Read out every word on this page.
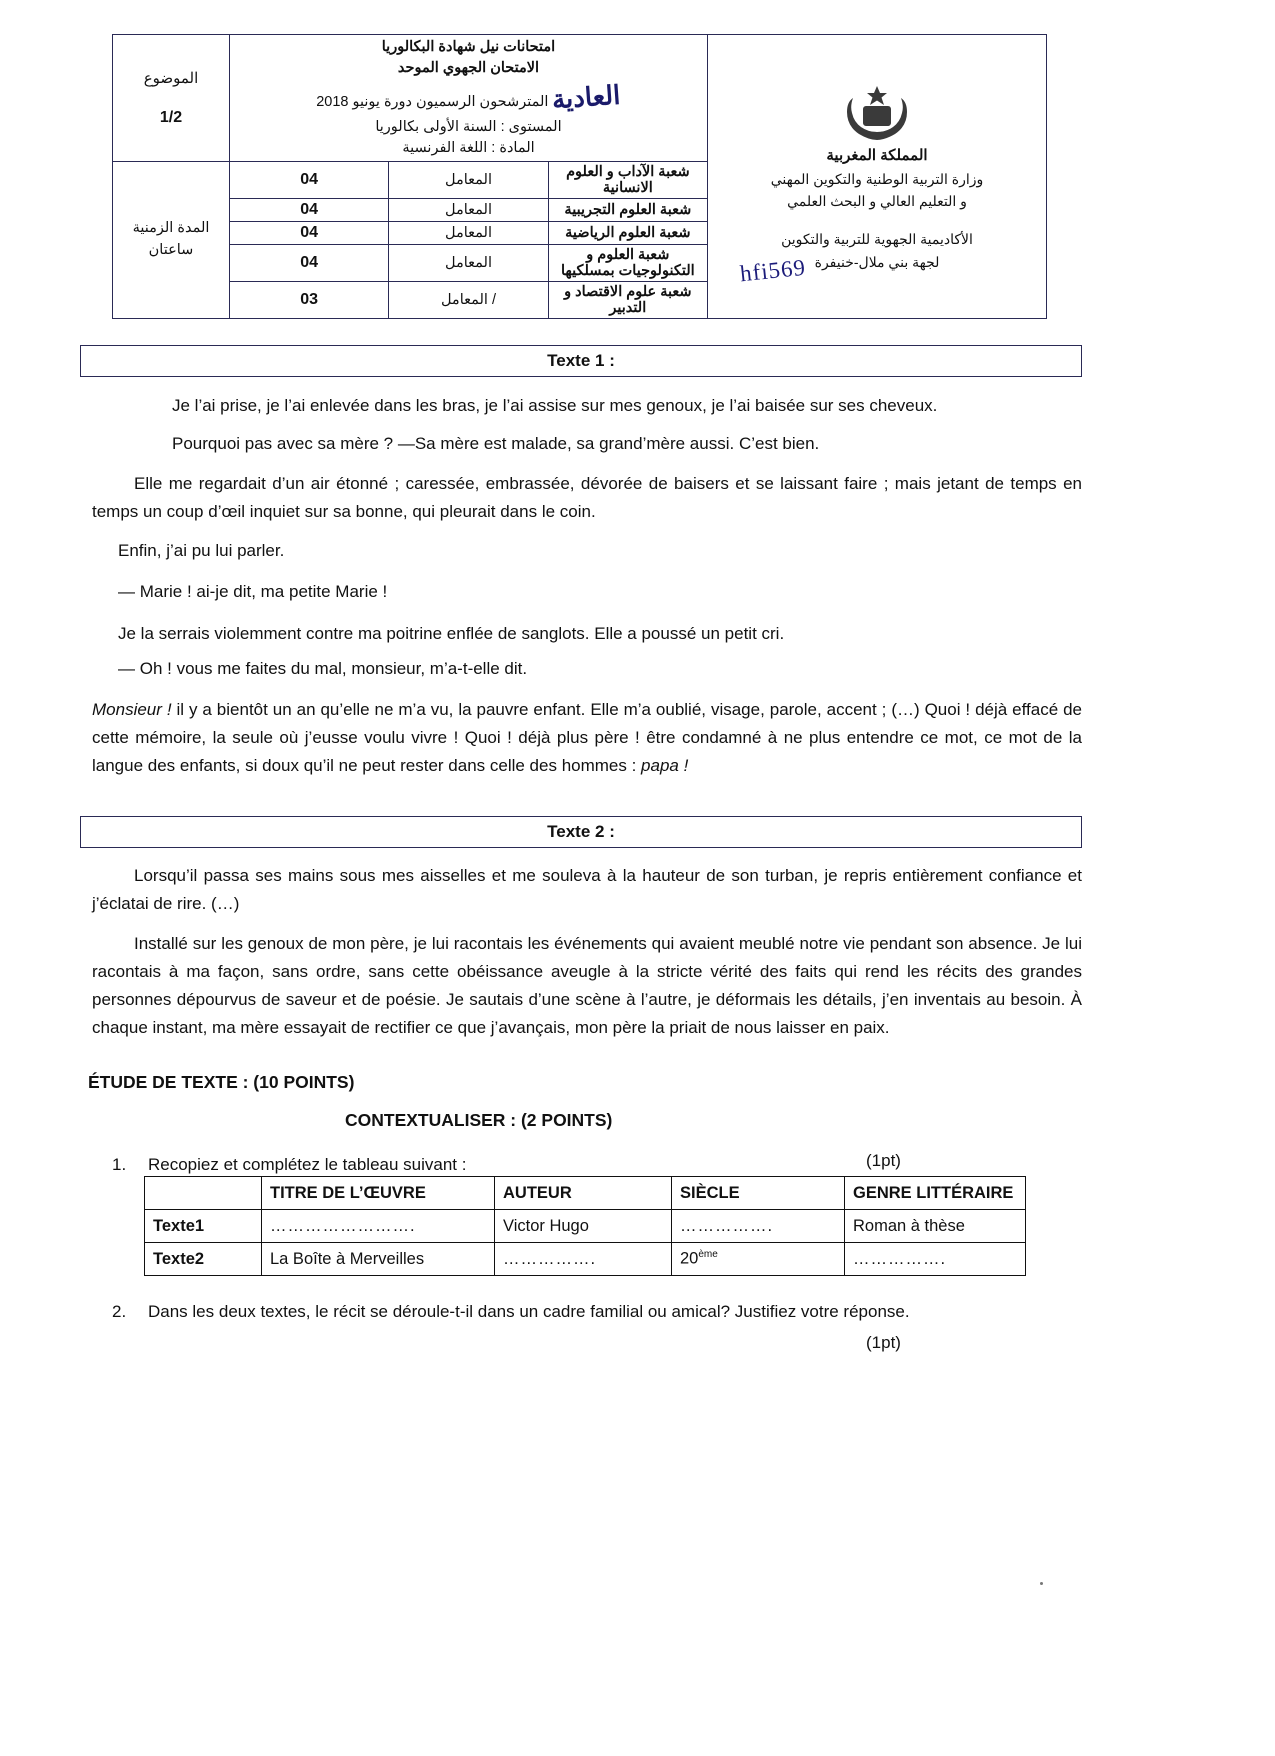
الموضوع
1/2

امتحانات نيل شهادة البكالوريا
الامتحان الجهوي الموحد
العادية المترشحون الرسميون دورة يونيو 2018
المستوى : السنة الأولى بكالوريا
المادة : اللغة الفرنسية	المملكة المغربية
وزارة التربية الوطنية والتكوين المهني
و التعليم العالي و البحث العلمي
الأكاديمية الجهوية للتربية والتكوين
لجهة بني ملال-خنيفرة

المدة الزمنية
ساعتان	04	المعامل	شعبة الآداب و العلوم الانسانية	
	04	المعامل	شعبة العلوم التجريبية	
	04	المعامل	شعبة العلوم الرياضية	
	04	المعامل	شعبة العلوم و التكنولوجيات بمسلكيها	
	03	/ المعامل	شعبة علوم الاقتصاد و التدبير	
hfi569
Texte 1 :
Je l’ai prise, je l’ai enlevée dans les bras, je l’ai assise sur mes genoux, je l’ai baisée sur ses cheveux.
Pourquoi pas avec sa mère ? —Sa mère est malade, sa grand’mère aussi. C’est bien.
Elle me regardait d’un air étonné ; caressée, embrassée, dévorée de baisers et se laissant faire ; mais jetant de temps en temps un coup d’œil inquiet sur sa bonne, qui pleurait dans le coin.
Enfin, j’ai pu lui parler.
— Marie ! ai-je dit, ma petite Marie !
Je la serrais violemment contre ma poitrine enflée de sanglots. Elle a poussé un petit cri.
— Oh ! vous me faites du mal, monsieur, m’a-t-elle dit.
Monsieur ! il y a bientôt un an qu’elle ne m’a vu, la pauvre enfant. Elle m’a oublié, visage, parole, accent ; (…) Quoi ! déjà effacé de cette mémoire, la seule où j’eusse voulu vivre ! Quoi ! déjà plus père ! être condamné à ne plus entendre ce mot, ce mot de la langue des enfants, si doux qu’il ne peut rester dans celle des hommes : papa !
Texte 2 :
Lorsqu’il passa ses mains sous mes aisselles et me souleva à la hauteur de son turban, je repris entièrement confiance et j’éclatai de rire. (…)
Installé sur les genoux de mon père, je lui racontais les événements qui avaient meublé notre vie pendant son absence. Je lui racontais à ma façon, sans ordre, sans cette obéissance aveugle à la stricte vérité des faits qui rend les récits des grandes personnes dépourvus de saveur et de poésie. Je sautais d’une scène à l’autre, je déformais les détails, j’en inventais au besoin. À chaque instant, ma mère essayait de rectifier ce que j’avançais, mon père la priait de nous laisser en paix.
ÉTUDE DE TEXTE : (10 POINTS)
CONTEXTUALISER : (2 POINTS)
1. Recopiez et complétez le tableau suivant :	(1pt)
	TITRE DE L’ŒUVRE	AUTEUR	SIÈCLE	GENRE LITTÉRAIRE
Texte1	…………………….	Victor Hugo	…………….	Roman à thèse
Texte2	La Boîte à Merveilles	…………….	20ème	…………….
2. Dans les deux textes, le récit se déroule-t-il dans un cadre familial ou amical? Justifiez votre réponse.
(1pt)
